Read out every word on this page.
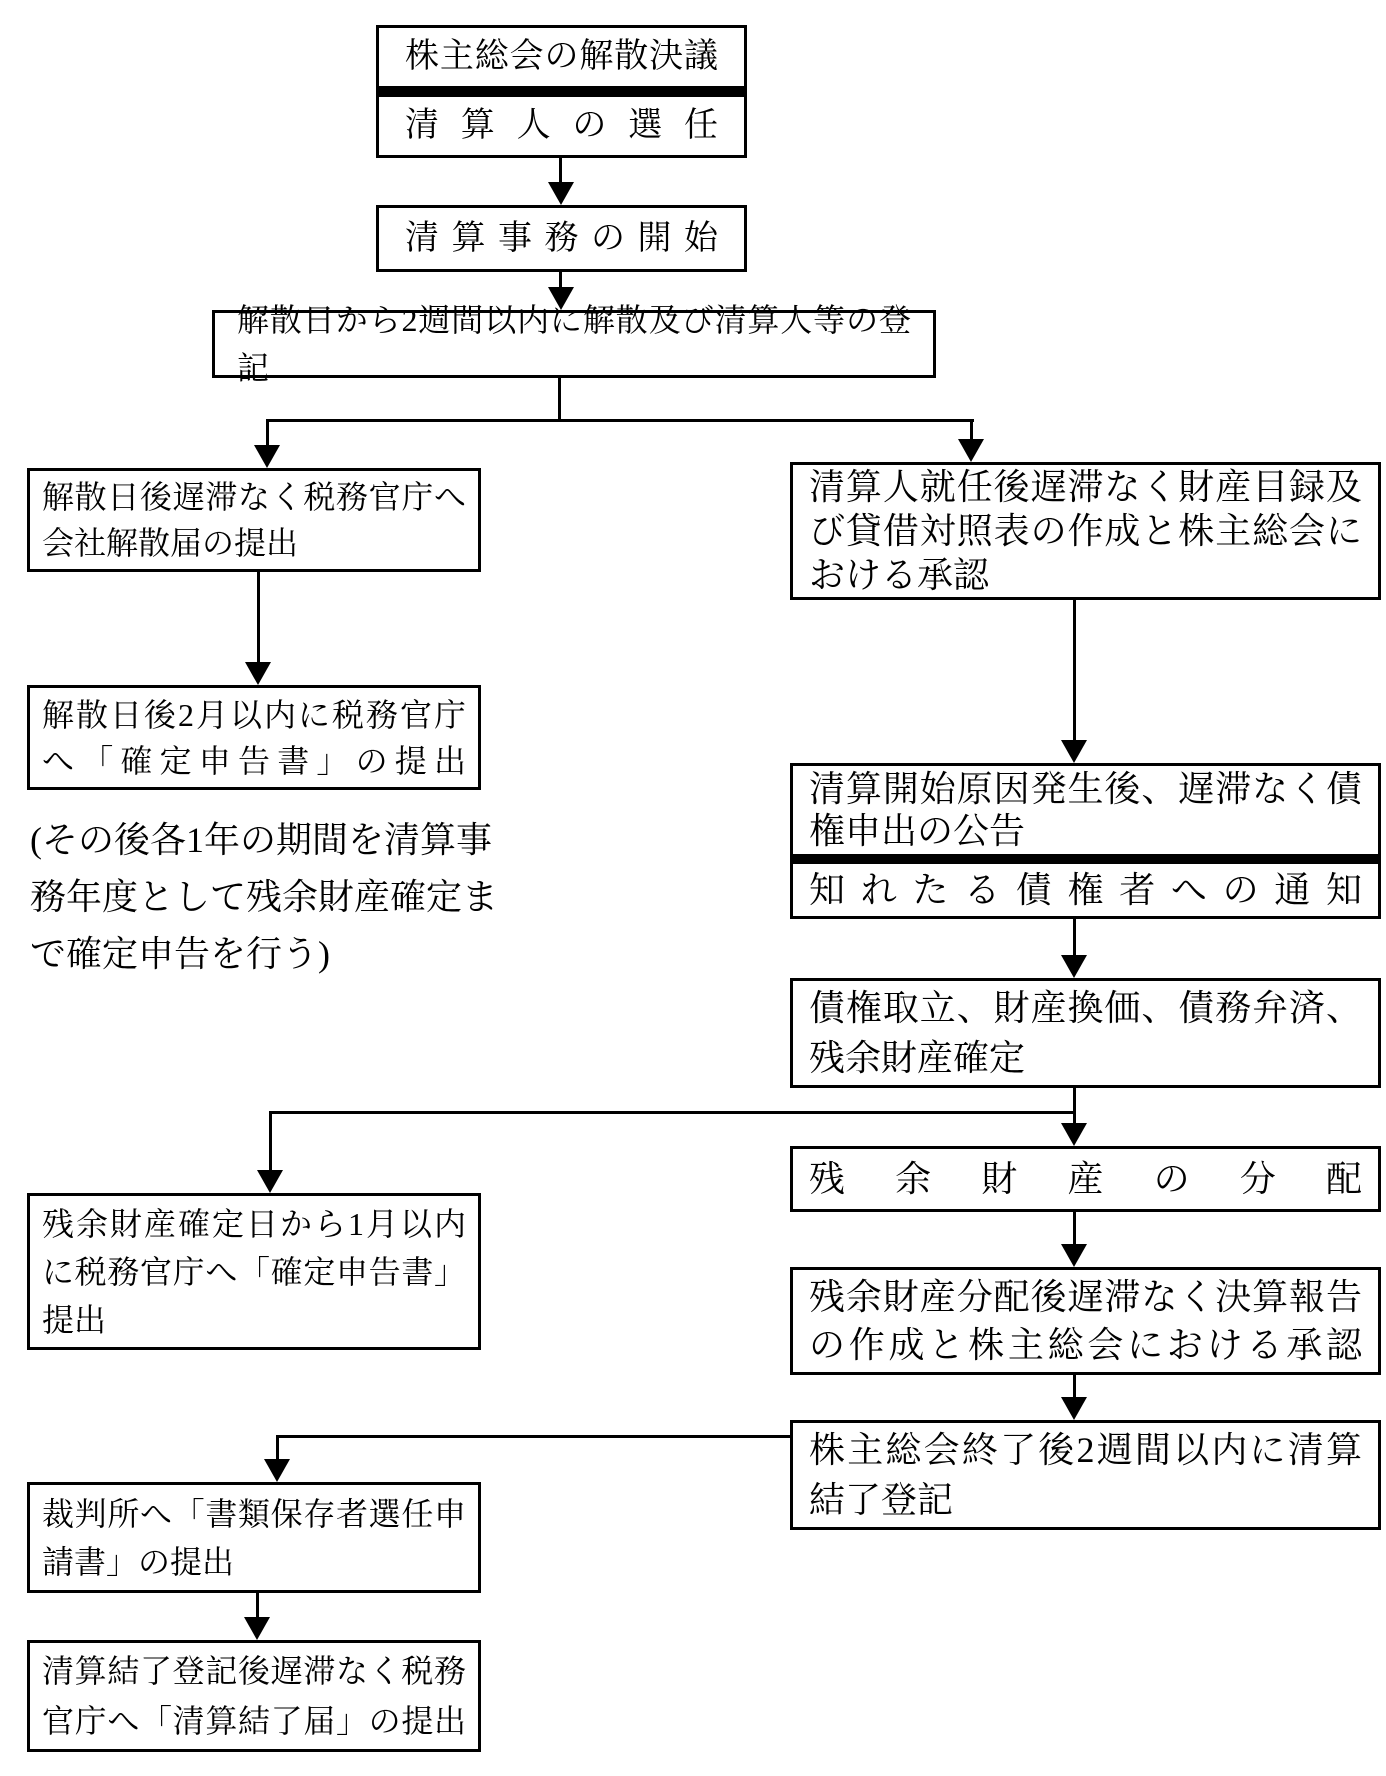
株主総会の解散決議
清算人の選任
清算事務の開始
解散日から2週間以内に解散及び清算人等の登記
解散日後遅滞なく税務官庁へ会社解散届の提出
清算人就任後遅滞なく財産目録及び貸借対照表の作成と株主総会における承認
解散日後2月以内に税務官庁へ「確定申告書」の提出
(その後各1年の期間を清算事務年度として残余財産確定まで確定申告を行う)
清算開始原因発生後、遅滞なく債権申出の公告
知れたる債権者への通知
債権取立、財産換価、債務弁済、残余財産確定
残余財産確定日から1月以内に税務官庁へ「確定申告書」提出
残余財産の分配
残余財産分配後遅滞なく決算報告の作成と株主総会における承認
株主総会終了後2週間以内に清算結了登記
裁判所へ「書類保存者選任申請書」の提出
清算結了登記後遅滞なく税務官庁へ「清算結了届」の提出
